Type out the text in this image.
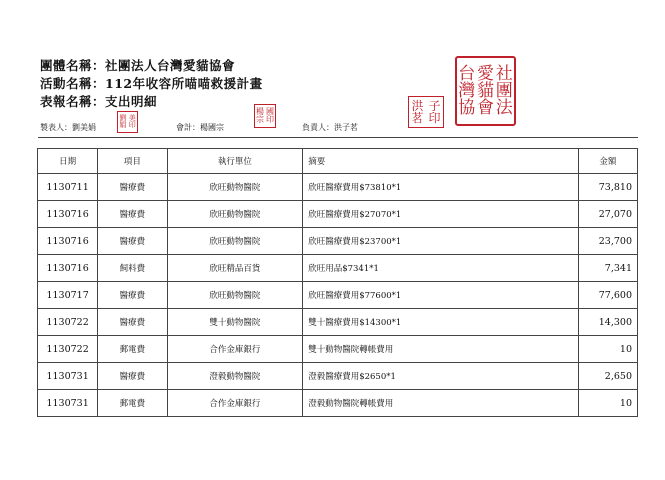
團體名稱：社團法人台灣愛貓協會
活動名稱：112年收容所喵喵救援計畫
表報名稱：支出明細
製表人：劉美娟	會計：楊國宗	負責人：洪子茗
劉 美
娟 印
楊 國
宗 印
洪 子
茗 印
台 愛 社
灣 貓 團
協 會 法
日期	項目	執行單位	摘要	金額
1130711	醫療費	欣旺動物醫院	欣旺醫療費用$73810*1	73,810
1130716	醫療費	欣旺動物醫院	欣旺醫療費用$27070*1	27,070
1130716	醫療費	欣旺動物醫院	欣旺醫療費用$23700*1	23,700
1130716	飼料費	欣旺精品百貨	欣旺用品$7341*1	7,341
1130717	醫療費	欣旺動物醫院	欣旺醫療費用$77600*1	77,600
1130722	醫療費	雙十動物醫院	雙十醫療費用$14300*1	14,300
1130722	郵電費	合作金庫銀行	雙十動物醫院轉帳費用	10
1130731	醫療費	澄毅動物醫院	澄毅醫療費用$2650*1	2,650
1130731	郵電費	合作金庫銀行	澄毅動物醫院轉帳費用	10
